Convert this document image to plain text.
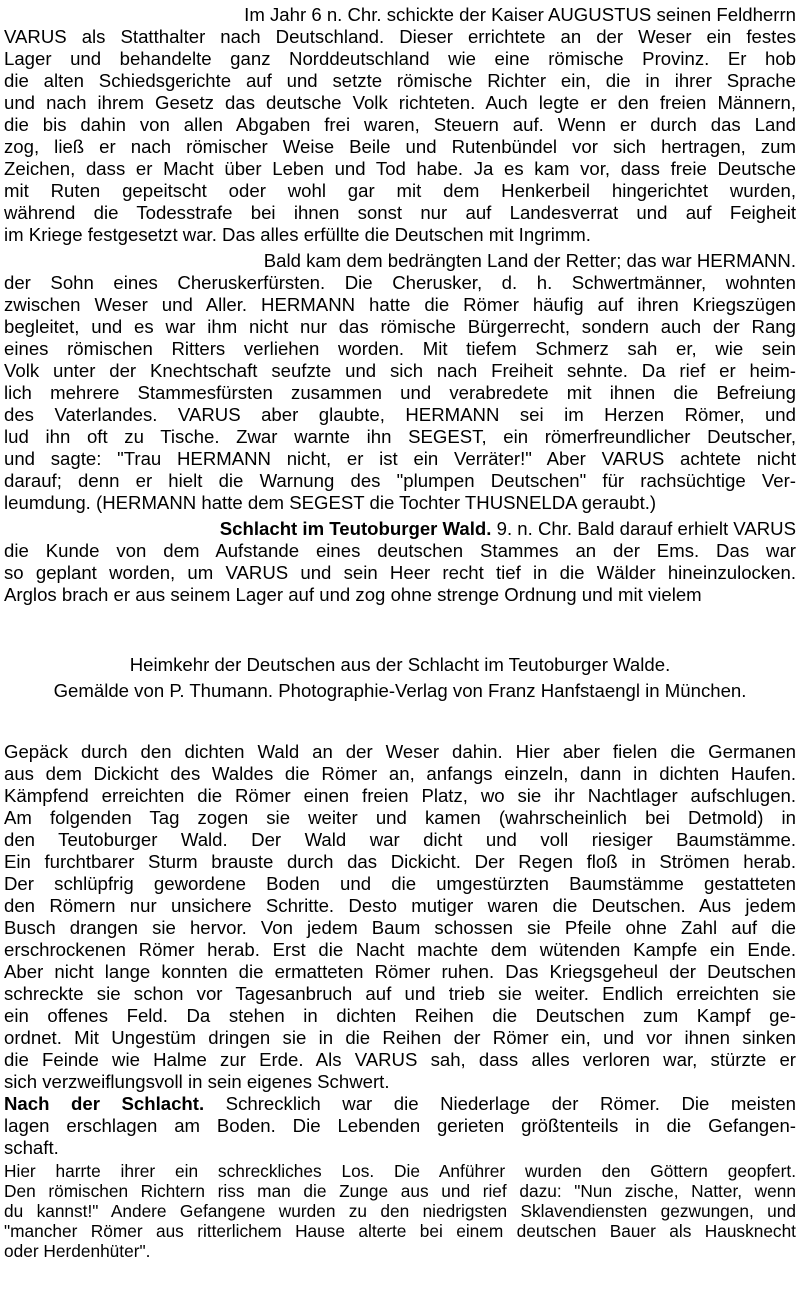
Im Jahr 6 n. Chr. schickte der Kaiser AUGUSTUS seinen Feldherrn
VARUS als Statthalter nach Deutschland. Dieser errichtete an der Weser ein festes
Lager und behandelte ganz Norddeutschland wie eine römische Provinz. Er hob
die alten Schiedsgerichte auf und setzte römische Richter ein, die in ihrer Sprache
und nach ihrem Gesetz das deutsche Volk richteten. Auch legte er den freien Männern,
die bis dahin von allen Abgaben frei waren, Steuern auf. Wenn er durch das Land
zog, ließ er nach römischer Weise Beile und Rutenbündel vor sich hertragen, zum
Zeichen, dass er Macht über Leben und Tod habe. Ja es kam vor, dass freie Deutsche
mit Ruten gepeitscht oder wohl gar mit dem Henkerbeil hingerichtet wurden,
während die Todesstrafe bei ihnen sonst nur auf Landesverrat und auf Feigheit
im Kriege festgesetzt war. Das alles erfüllte die Deutschen mit Ingrimm.
Bald kam dem bedrängten Land der Retter; das war HERMANN.
der Sohn eines Cheruskerfürsten. Die Cherusker, d. h. Schwertmänner, wohnten
zwischen Weser und Aller. HERMANN hatte die Römer häufig auf ihren Kriegszügen
begleitet, und es war ihm nicht nur das römische Bürgerrecht, sondern auch der Rang
eines römischen Ritters verliehen worden. Mit tiefem Schmerz sah er, wie sein
Volk unter der Knechtschaft seufzte und sich nach Freiheit sehnte. Da rief er heim-
lich mehrere Stammesfürsten zusammen und verabredete mit ihnen die Befreiung
des Vaterlandes. VARUS aber glaubte, HERMANN sei im Herzen Römer, und
lud ihn oft zu Tische. Zwar warnte ihn SEGEST, ein römerfreundlicher Deutscher,
und sagte: "Trau HERMANN nicht, er ist ein Verräter!" Aber VARUS achtete nicht
darauf; denn er hielt die Warnung des "plumpen Deutschen" für rachsüchtige Ver-
leumdung. (HERMANN hatte dem SEGEST die Tochter THUSNELDA geraubt.)
Schlacht im Teutoburger Wald. 9. n. Chr. Bald darauf erhielt VARUS
die Kunde von dem Aufstande eines deutschen Stammes an der Ems. Das war
so geplant worden, um VARUS und sein Heer recht tief in die Wälder hineinzulocken.
Arglos brach er aus seinem Lager auf und zog ohne strenge Ordnung und mit vielem
Heimkehr der Deutschen aus der Schlacht im Teutoburger Walde.
Gemälde von P. Thumann. Photographie-Verlag von Franz Hanfstaengl in München.
Gepäck durch den dichten Wald an der Weser dahin. Hier aber fielen die Germanen
aus dem Dickicht des Waldes die Römer an, anfangs einzeln, dann in dichten Haufen.
Kämpfend erreichten die Römer einen freien Platz, wo sie ihr Nachtlager aufschlugen.
Am folgenden Tag zogen sie weiter und kamen (wahrscheinlich bei Detmold) in
den Teutoburger Wald. Der Wald war dicht und voll riesiger Baumstämme.
Ein furchtbarer Sturm brauste durch das Dickicht. Der Regen floß in Strömen herab.
Der schlüpfrig gewordene Boden und die umgestürzten Baumstämme gestatteten
den Römern nur unsichere Schritte. Desto mutiger waren die Deutschen. Aus jedem
Busch drangen sie hervor. Von jedem Baum schossen sie Pfeile ohne Zahl auf die
erschrockenen Römer herab. Erst die Nacht machte dem wütenden Kampfe ein Ende.
Aber nicht lange konnten die ermatteten Römer ruhen. Das Kriegsgeheul der Deutschen
schreckte sie schon vor Tagesanbruch auf und trieb sie weiter. Endlich erreichten sie
ein offenes Feld. Da stehen in dichten Reihen die Deutschen zum Kampf ge-
ordnet. Mit Ungestüm dringen sie in die Reihen der Römer ein, und vor ihnen sinken
die Feinde wie Halme zur Erde. Als VARUS sah, dass alles verloren war, stürzte er
sich verzweiflungsvoll in sein eigenes Schwert.
Nach der Schlacht. Schrecklich war die Niederlage der Römer. Die meisten
lagen erschlagen am Boden. Die Lebenden gerieten größtenteils in die Gefangen-
schaft.
Hier harrte ihrer ein schreckliches Los. Die Anführer wurden den Göttern geopfert.
Den römischen Richtern riss man die Zunge aus und rief dazu: "Nun zische, Natter, wenn
du kannst!" Andere Gefangene wurden zu den niedrigsten Sklavendiensten gezwungen, und
"mancher Römer aus ritterlichem Hause alterte bei einem deutschen Bauer als Hausknecht
oder Herdenhüter".
